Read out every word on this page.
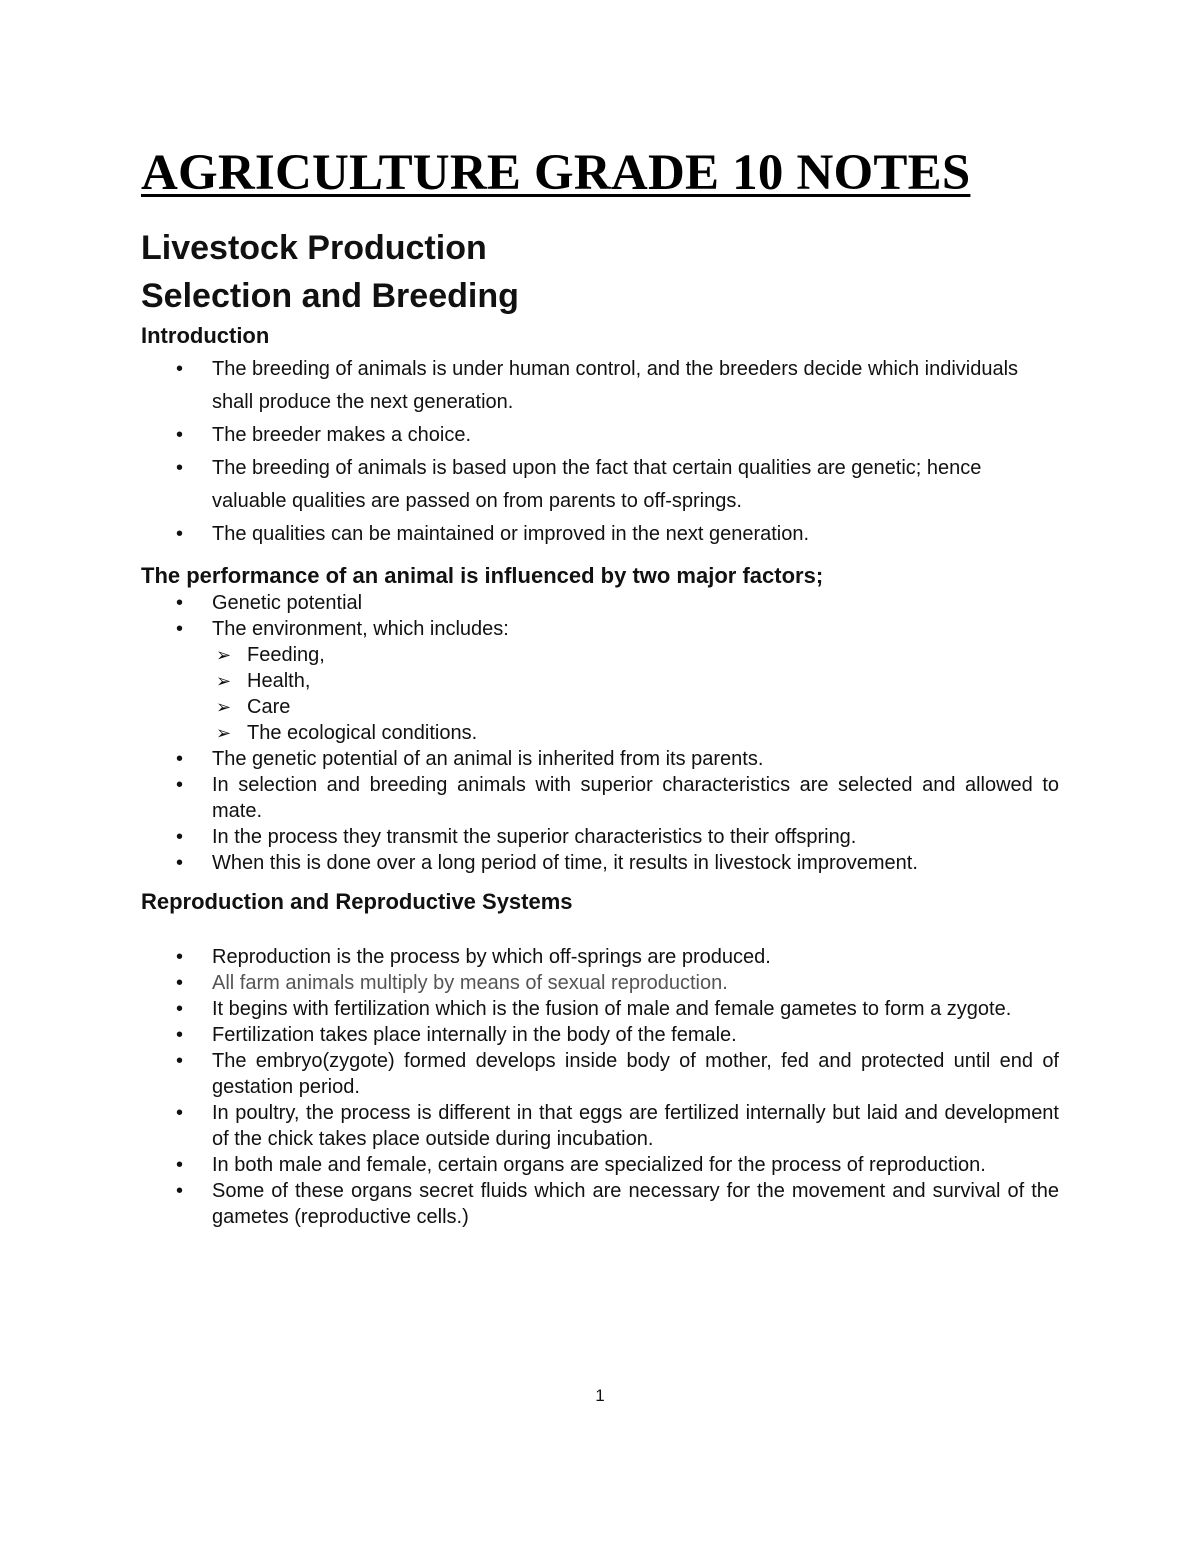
AGRICULTURE GRADE 10 NOTES
Livestock Production
Selection and Breeding
Introduction
• The breeding of animals is under human control, and the breeders decide which individuals shall produce the next generation.
• The breeder makes a choice.
• The breeding of animals is based upon the fact that certain qualities are genetic; hence valuable qualities are passed on from parents to off-springs.
• The qualities can be maintained or improved in the next generation.
The performance of an animal is influenced by two major factors;
• Genetic potential
• The environment, which includes:
➢ Feeding,
➢ Health,
➢ Care
➢ The ecological conditions.
• The genetic potential of an animal is inherited from its parents.
• In selection and breeding animals with superior characteristics are selected and allowed to mate.
• In the process they transmit the superior characteristics to their offspring.
• When this is done over a long period of time, it results in livestock improvement.
Reproduction and Reproductive Systems
• Reproduction is the process by which off-springs are produced.
• All farm animals multiply by means of sexual reproduction.
• It begins with fertilization which is the fusion of male and female gametes to form a zygote.
• Fertilization takes place internally in the body of the female.
• The embryo(zygote) formed develops inside body of mother, fed and protected until end of gestation period.
• In poultry, the process is different in that eggs are fertilized internally but laid and development of the chick takes place outside during incubation.
• In both male and female, certain organs are specialized for the process of reproduction.
• Some of these organs secret fluids which are necessary for the movement and survival of the gametes (reproductive cells.)
1
